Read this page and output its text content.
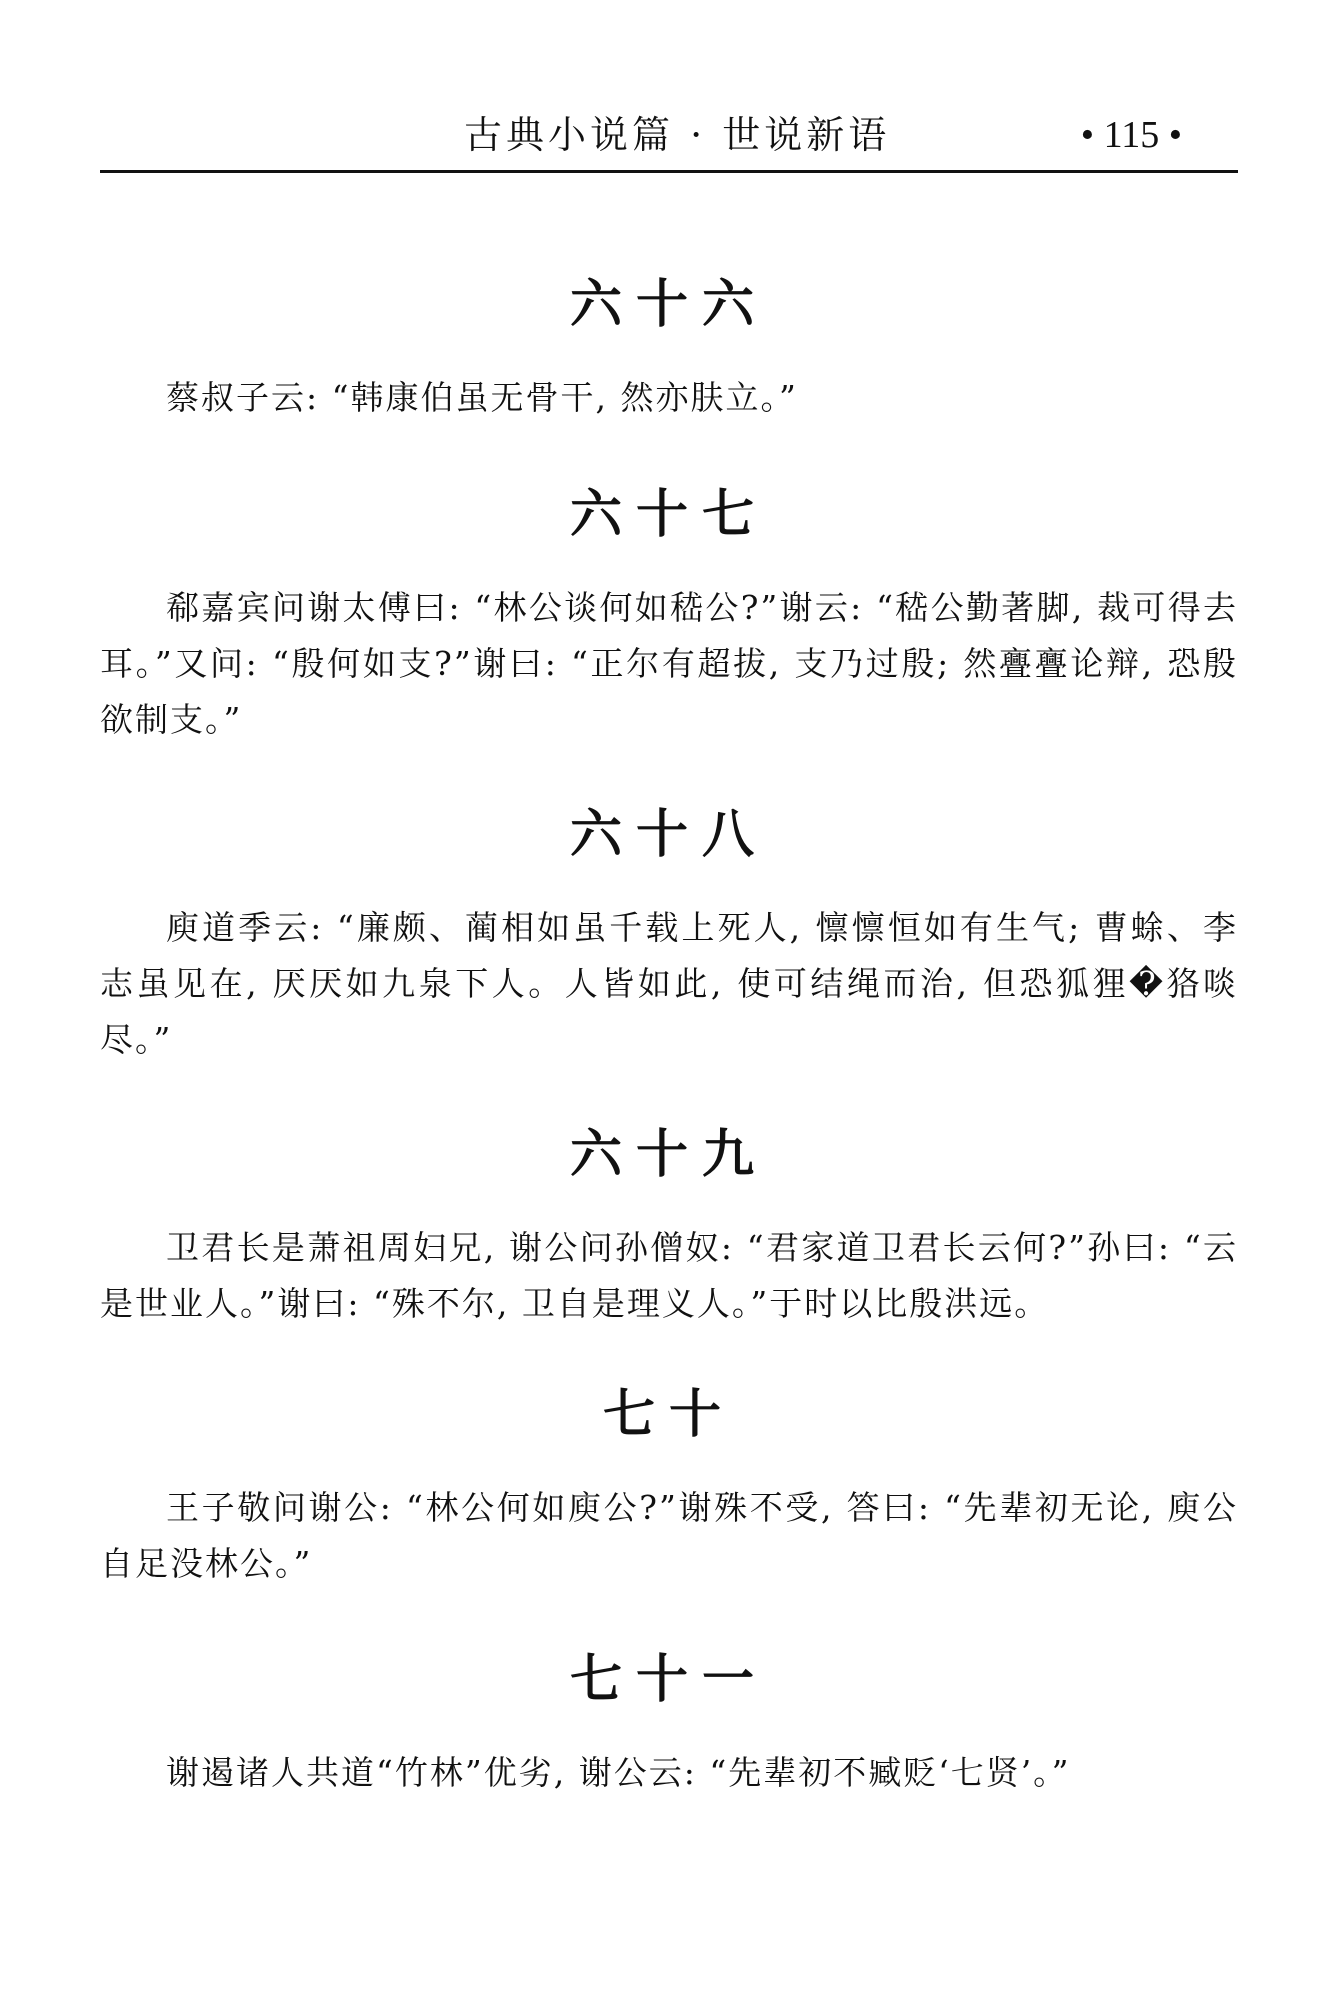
古典小说篇 · 世说新语	• 115 •
六十六

蔡叔子云: “韩康伯虽无骨干, 然亦肤立。”

六十七

郗嘉宾问谢太傅曰: “林公谈何如嵇公?”谢云: “嵇公勤著脚, 裁可得去耳。”又问: “殷何如支?”谢曰: “正尔有超拔, 支乃过殷; 然亹亹论辩, 恐殷欲制支。”

六十八

庾道季云: “廉颇、蔺相如虽千载上死人, 懔懔恒如有生气; 曹蜍、李志虽见在, 厌厌如九泉下人。人皆如此, 使可结绳而治, 但恐狐狸�狢啖尽。”

六十九

卫君长是萧祖周妇兄, 谢公问孙僧奴: “君家道卫君长云何?”孙曰: “云是世业人。”谢曰: “殊不尔, 卫自是理义人。”于时以比殷洪远。

七十

王子敬问谢公: “林公何如庾公?”谢殊不受, 答曰: “先辈初无论, 庾公自足没林公。”

七十一

谢遏诸人共道“竹林”优劣, 谢公云: “先辈初不臧贬‘七贤’。”
